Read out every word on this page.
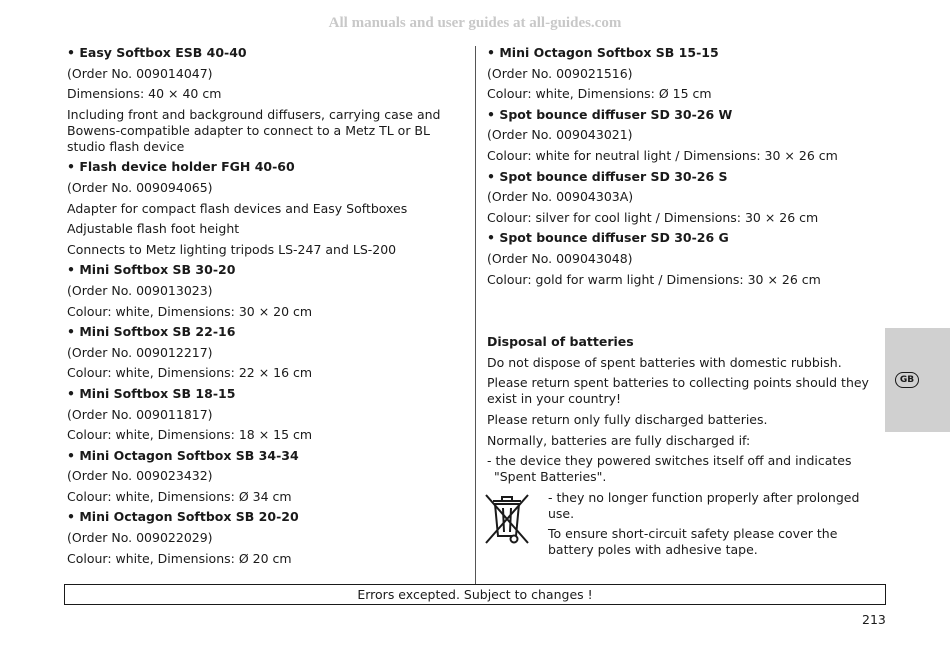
All manuals and user guides at all-guides.com
• Easy Softbox ESB 40-40
(Order No. 009014047)
Dimensions: 40 × 40 cm
Including front and background diffusers, carrying case and Bowens-compatible adapter to connect to a Metz TL or BL studio flash device
• Flash device holder FGH 40-60
(Order No. 009094065)
Adapter for compact flash devices and Easy Softboxes
Adjustable flash foot height
Connects to Metz lighting tripods LS-247 and LS-200
• Mini Softbox SB 30-20
(Order No. 009013023)
Colour: white, Dimensions: 30 × 20 cm
• Mini Softbox SB 22-16
(Order No. 009012217)
Colour: white, Dimensions: 22 × 16 cm
• Mini Softbox SB 18-15
(Order No. 009011817)
Colour: white, Dimensions: 18 × 15 cm
• Mini Octagon Softbox SB 34-34
(Order No. 009023432)
Colour: white, Dimensions: Ø 34 cm
• Mini Octagon Softbox SB 20-20
(Order No. 009022029)
Colour: white, Dimensions: Ø 20 cm
• Mini Octagon Softbox SB 15-15
(Order No. 009021516)
Colour: white, Dimensions: Ø 15 cm
• Spot bounce diffuser SD 30-26 W
(Order No. 009043021)
Colour: white for neutral light / Dimensions: 30 × 26 cm
• Spot bounce diffuser SD 30-26 S
(Order No. 00904303A)
Colour: silver for cool light / Dimensions: 30 × 26 cm
• Spot bounce diffuser SD 30-26 G
(Order No. 009043048)
Colour: gold for warm light / Dimensions: 30 × 26 cm
Disposal of batteries
Do not dispose of spent batteries with domestic rubbish.
Please return spent batteries to collecting points should they exist in your country!
Please return only fully discharged batteries.
Normally, batteries are fully discharged if:
- the device they powered switches itself off and indicates "Spent Batteries".
- they no longer function properly after prolonged use.
To ensure short-circuit safety please cover the battery poles with adhesive tape.
GB
Errors excepted. Subject to changes !
213
